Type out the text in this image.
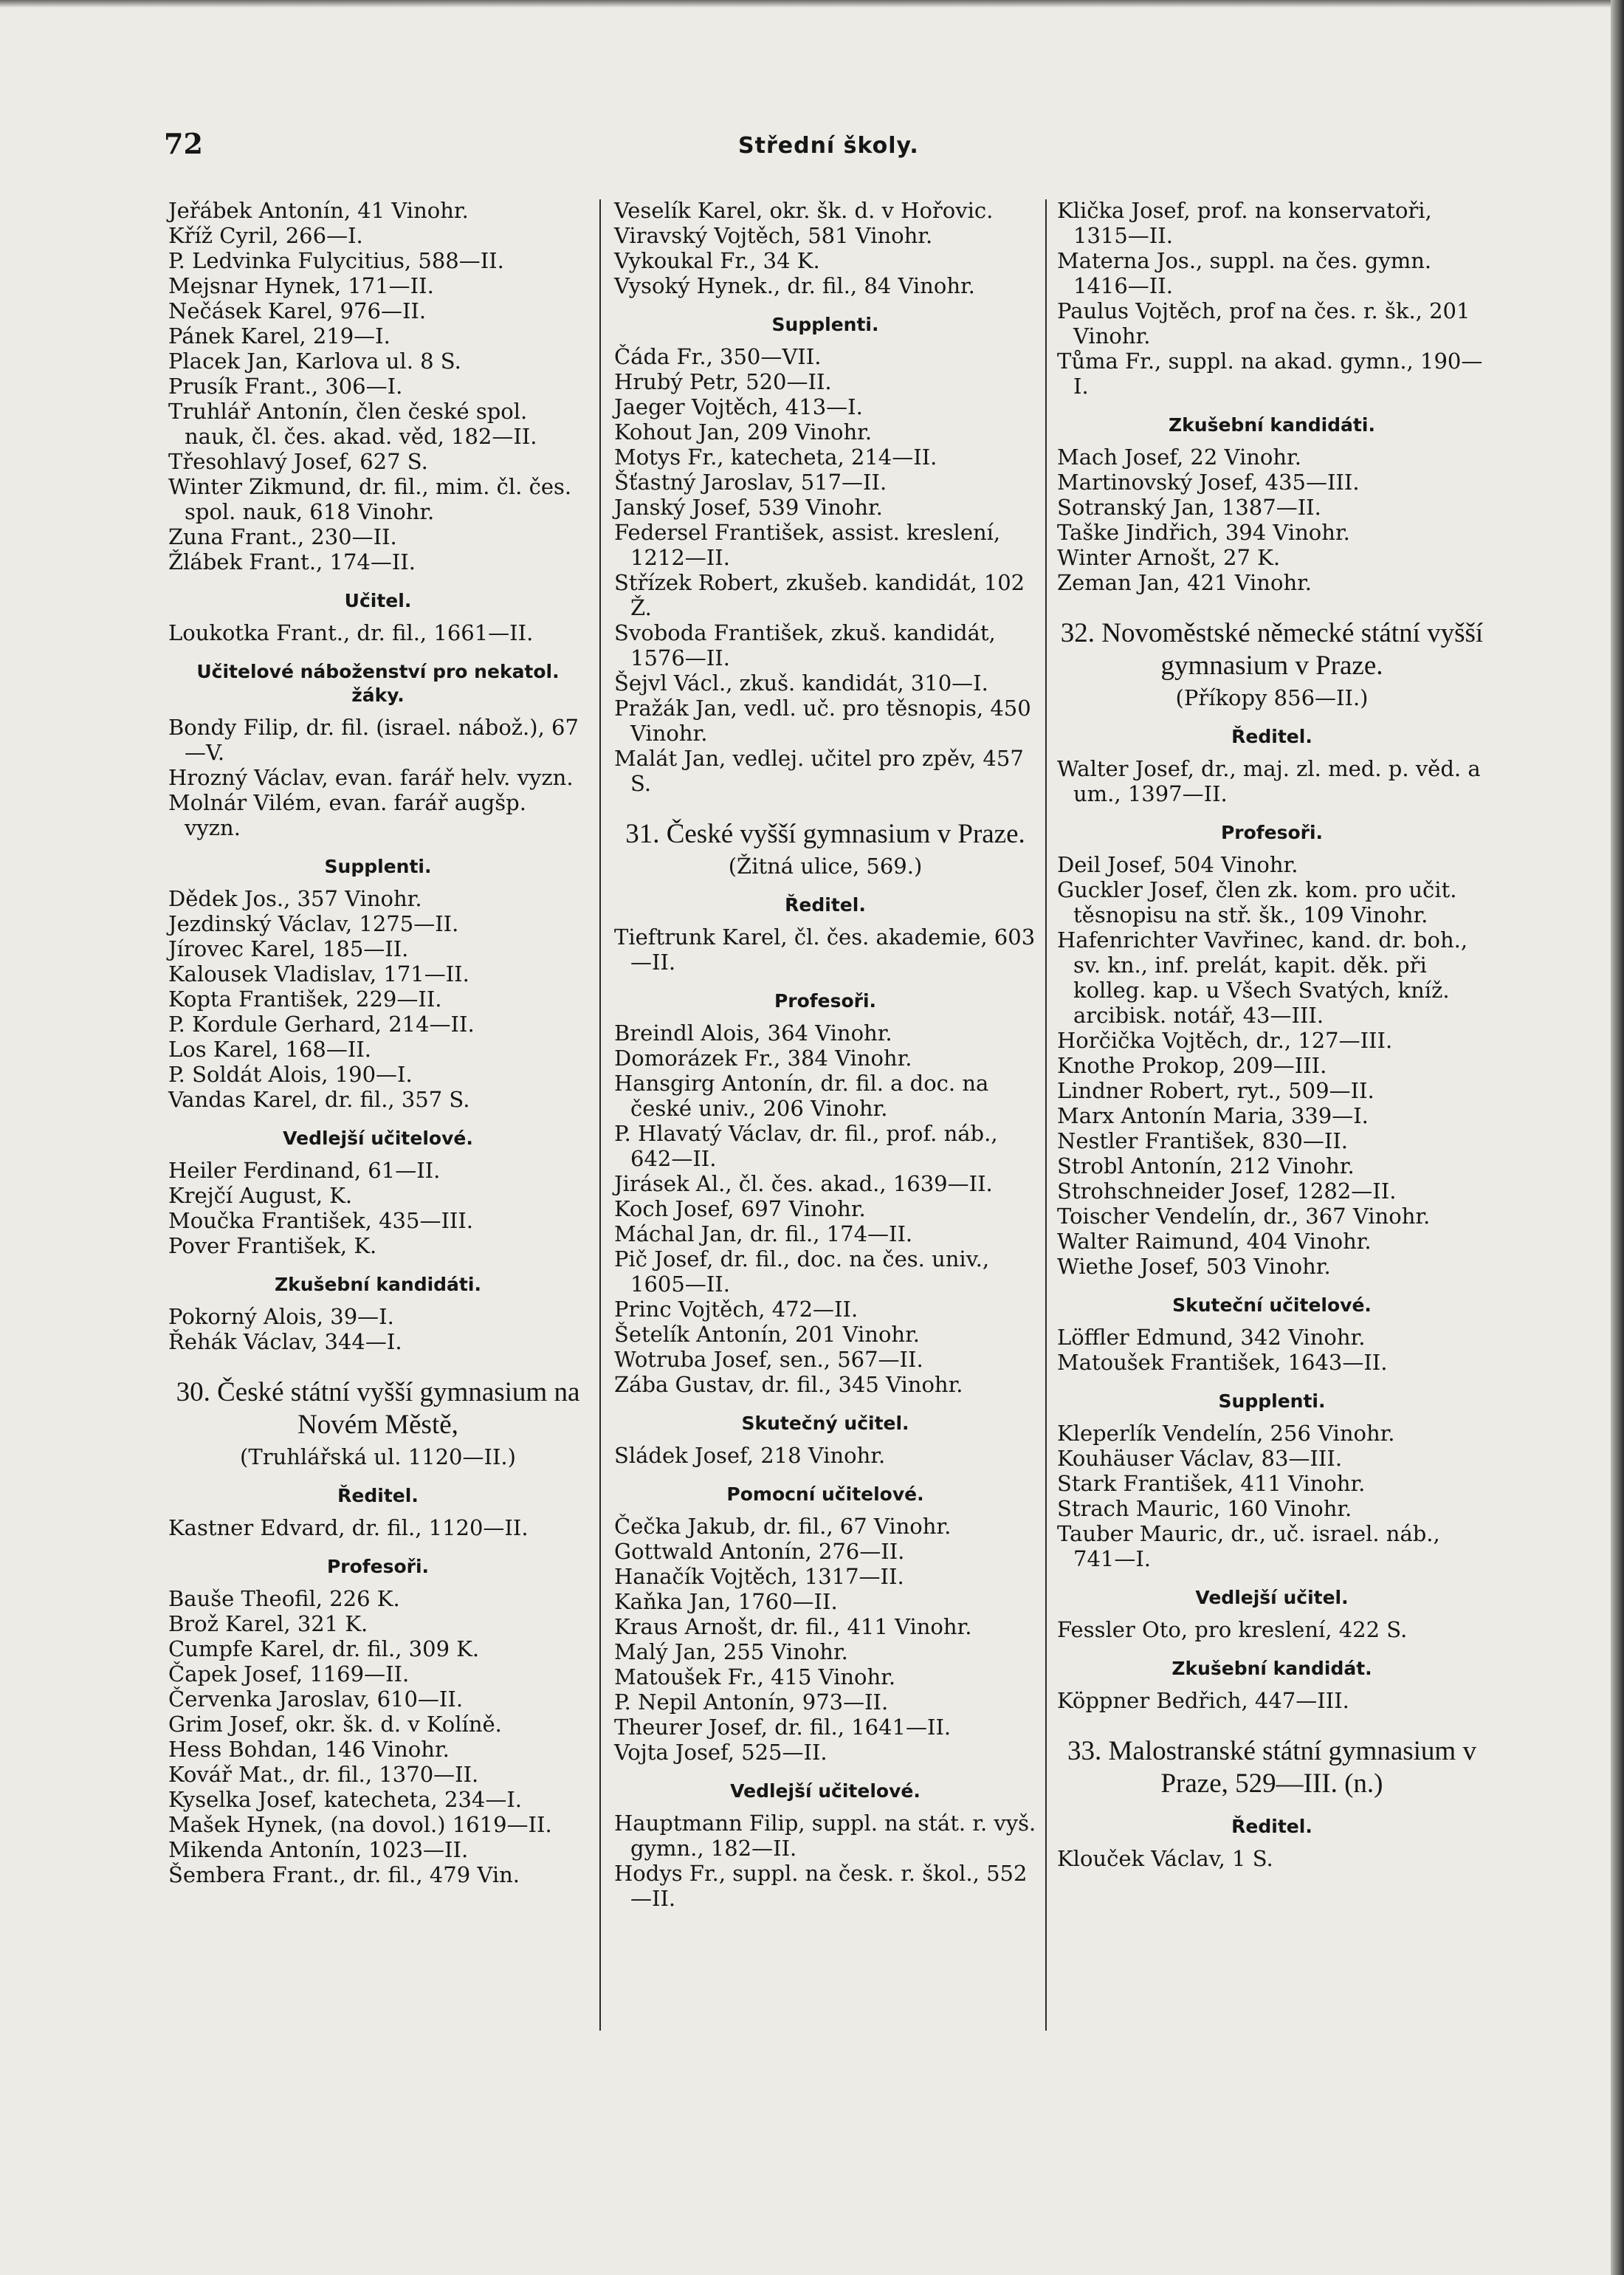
72	Střední školy.

Jeřábek Antonín, 41 Vinohr.

Kříž Cyril, 266—I.

P. Ledvinka Fulycitius, 588—II.

Mejsnar Hynek, 171—II.

Nečásek Karel, 976—II.

Pánek Karel, 219—I.

Placek Jan, Karlova ul. 8 S.

Prusík Frant., 306—I.

Truhlář Antonín, člen české spol. nauk, čl. čes. akad. věd, 182—II.

Třesohlavý Josef, 627 S.

Winter Zikmund, dr. fil., mim. čl. čes. spol. nauk, 618 Vinohr.

Zuna Frant., 230—II.

Žlábek Frant., 174—II.

Učitel.

Loukotka Frant., dr. fil., 1661—II.

Učitelové náboženství pro nekatol. žáky.

Bondy Filip, dr. fil. (israel. nábož.), 67—V.

Hrozný Václav, evan. farář helv. vyzn.

Molnár Vilém, evan. farář augšp. vyzn.

Supplenti.

Dědek Jos., 357 Vinohr.

Jezdinský Václav, 1275—II.

Jírovec Karel, 185—II.

Kalousek Vladislav, 171—II.

Kopta František, 229—II.

P. Kordule Gerhard, 214—II.

Los Karel, 168—II.

P. Soldát Alois, 190—I.

Vandas Karel, dr. fil., 357 S.

Vedlejší učitelové.

Heiler Ferdinand, 61—II.

Krejčí August, K.

Moučka František, 435—III.

Pover František, K.

Zkušební kandidáti.

Pokorný Alois, 39—I.

Řehák Václav, 344—I.

30. České státní vyšší gymnasium na Novém Městě,

(Truhlářská ul. 1120—II.)

Ředitel.

Kastner Edvard, dr. fil., 1120—II.

Profesoři.

Bauše Theofil, 226 K.

Brož Karel, 321 K.

Cumpfe Karel, dr. fil., 309 K.

Čapek Josef, 1169—II.

Červenka Jaroslav, 610—II.

Grim Josef, okr. šk. d. v Kolíně.

Hess Bohdan, 146 Vinohr.

Kovář Mat., dr. fil., 1370—II.

Kyselka Josef, katecheta, 234—I.

Mašek Hynek, (na dovol.) 1619—II.

Mikenda Antonín, 1023—II.

Šembera Frant., dr. fil., 479 Vin.

Veselík Karel, okr. šk. d. v Hořovic.

Viravský Vojtěch, 581 Vinohr.

Vykoukal Fr., 34 K.

Vysoký Hynek., dr. fil., 84 Vinohr.

Supplenti.

Čáda Fr., 350—VII.

Hrubý Petr, 520—II.

Jaeger Vojtěch, 413—I.

Kohout Jan, 209 Vinohr.

Motys Fr., katecheta, 214—II.

Šťastný Jaroslav, 517—II.

Janský Josef, 539 Vinohr.

Federsel František, assist. kreslení, 1212—II.

Střízek Robert, zkušeb. kandidát, 102 Ž.

Svoboda František, zkuš. kandidát, 1576—II.

Šejvl Václ., zkuš. kandidát, 310—I.

Pražák Jan, vedl. uč. pro těsnopis, 450 Vinohr.

Malát Jan, vedlej. učitel pro zpěv, 457 S.

31. České vyšší gymnasium v Praze.

(Žitná ulice, 569.)

Ředitel.

Tieftrunk Karel, čl. čes. akademie, 603—II.

Profesoři.

Breindl Alois, 364 Vinohr.

Domorázek Fr., 384 Vinohr.

Hansgirg Antonín, dr. fil. a doc. na české univ., 206 Vinohr.

P. Hlavatý Václav, dr. fil., prof. náb., 642—II.

Jirásek Al., čl. čes. akad., 1639—II.

Koch Josef, 697 Vinohr.

Máchal Jan, dr. fil., 174—II.

Pič Josef, dr. fil., doc. na čes. univ., 1605—II.

Princ Vojtěch, 472—II.

Šetelík Antonín, 201 Vinohr.

Wotruba Josef, sen., 567—II.

Zába Gustav, dr. fil., 345 Vinohr.

Skutečný učitel.

Sládek Josef, 218 Vinohr.

Pomocní učitelové.

Čečka Jakub, dr. fil., 67 Vinohr.

Gottwald Antonín, 276—II.

Hanačík Vojtěch, 1317—II.

Kaňka Jan, 1760—II.

Kraus Arnošt, dr. fil., 411 Vinohr.

Malý Jan, 255 Vinohr.

Matoušek Fr., 415 Vinohr.

P. Nepil Antonín, 973—II.

Theurer Josef, dr. fil., 1641—II.

Vojta Josef, 525—II.

Vedlejší učitelové.

Hauptmann Filip, suppl. na stát. r. vyš. gymn., 182—II.

Hodys Fr., suppl. na česk. r. škol., 552—II.

Klička Josef, prof. na konservatoři, 1315—II.

Materna Jos., suppl. na čes. gymn. 1416—II.

Paulus Vojtěch, prof na čes. r. šk., 201 Vinohr.

Tůma Fr., suppl. na akad. gymn., 190—I.

Zkušební kandidáti.

Mach Josef, 22 Vinohr.

Martinovský Josef, 435—III.

Sotranský Jan, 1387—II.

Taške Jindřich, 394 Vinohr.

Winter Arnošt, 27 K.

Zeman Jan, 421 Vinohr.

32. Novoměstské německé státní vyšší gymnasium v Praze.

(Příkopy 856—II.)

Ředitel.

Walter Josef, dr., maj. zl. med. p. věd. a um., 1397—II.

Profesoři.

Deil Josef, 504 Vinohr.

Guckler Josef, člen zk. kom. pro učit. těsnopisu na stř. šk., 109 Vinohr.

Hafenrichter Vavřinec, kand. dr. boh., sv. kn., inf. prelát, kapit. děk. při kolleg. kap. u Všech Svatých, kníž. arcibisk. notář, 43—III.

Horčička Vojtěch, dr., 127—III.

Knothe Prokop, 209—III.

Lindner Robert, ryt., 509—II.

Marx Antonín Maria, 339—I.

Nestler František, 830—II.

Strobl Antonín, 212 Vinohr.

Strohschneider Josef, 1282—II.

Toischer Vendelín, dr., 367 Vinohr.

Walter Raimund, 404 Vinohr.

Wiethe Josef, 503 Vinohr.

Skuteční učitelové.

Löffler Edmund, 342 Vinohr.

Matoušek František, 1643—II.

Supplenti.

Kleperlík Vendelín, 256 Vinohr.

Kouhäuser Václav, 83—III.

Stark František, 411 Vinohr.

Strach Mauric, 160 Vinohr.

Tauber Mauric, dr., uč. israel. náb., 741—I.

Vedlejší učitel.

Fessler Oto, pro kreslení, 422 S.

Zkušební kandidát.

Köppner Bedřich, 447—III.

33. Malostranské státní gymnasium v Praze, 529—III. (n.)

Ředitel.

Klouček Václav, 1 S.
